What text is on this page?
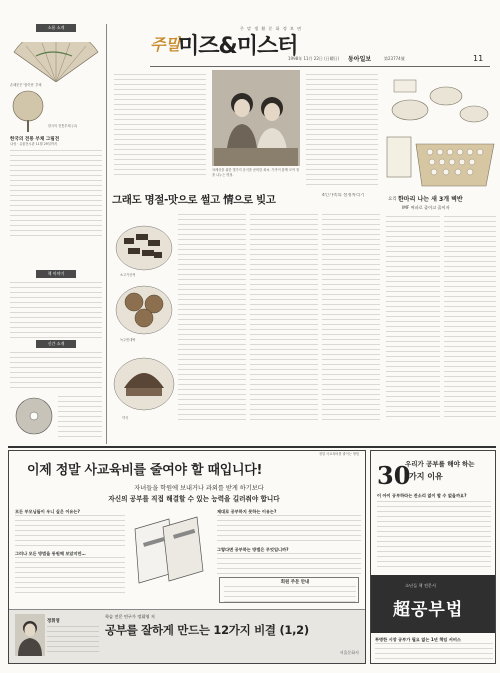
주 말 생 활 문 화 정 보 면
주말
미즈&미스터
1998年 11月 22日 (日曜日) 동아일보	第23774號	11
소품 소개
손때묻은 '합죽선' 부채
한국의 전통부채 (고)
한국의 전통 부채 그림전
나성 · 유물전시관 11월 29일까지
책 이야기
신간 소개
차례상을 위한 몇가지 음식을 준비한 최씨. 가족이 함께 모여 정을 나누는 명절.
그래도 명절-맛으로 썰고 情으로 빚고	4인가족의 설정차리기
소고기산적
녹두빈대떡
약식
요리 한마리 나는 새 3개 벽반
IMF 여파로 줄이고 줄이자
정말 사교육비를 줄이는 방법
이제 정말 사교육비를 줄여야 할 때입니다!
자녀들을 학원에 보내거나 과외를 받게 하기보다
자신의 공부를 직접 해결할 수 있는 능력을 길러줘야 합니다
모든 부모님들이 우니 싶은 이유는?
그러나 모든 방법을 동원해 보았지만…
제대로 공부하지 못하는 이유는?
그렇다면 공부하는 방법은 무엇입니까?
회원 주문 안내
정휘영
학습 전문 연구가 정휘영 저
공부를 잘하게 만드는 12가지 비결 (1,2)
서울문화사
우리가 공부를 해야 하는
30
가지 이유
이 아이 공부하라는 잔소리 없이 할 수 없을까요?
소년들 책 전문서
超공부법
투명한 시장 공부가 필요 없는 1년 책임 서비스
